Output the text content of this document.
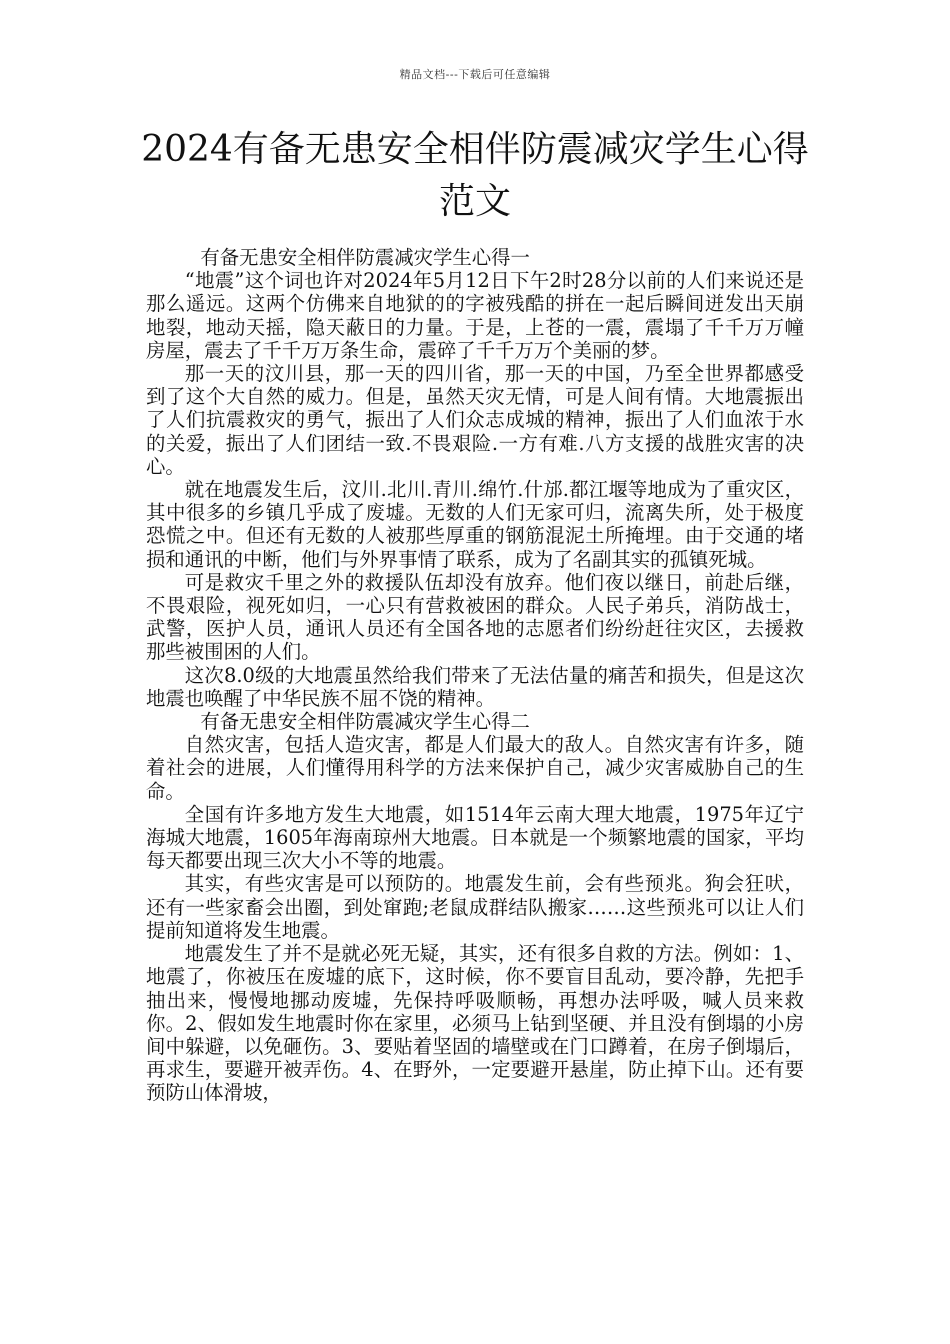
精品文档---下载后可任意编辑
2024有备无患安全相伴防震减灾学生心得
范文

有备无患安全相伴防震减灾学生心得一

“地震”这个词也许对2024年5月12日下午2时28分以前的人们来说还是那么遥远。这两个仿佛来自地狱的的字被残酷的拼在一起后瞬间迸发出天崩地裂，地动天摇，隐天蔽日的力量。于是，上苍的一震，震塌了千千万万幢房屋，震去了千千万万条生命，震碎了千千万万个美丽的梦。

那一天的汶川县，那一天的四川省，那一天的中国，乃至全世界都感受到了这个大自然的威力。但是，虽然天灾无情，可是人间有情。大地震振出了人们抗震救灾的勇气，振出了人们众志成城的精神，振出了人们血浓于水的关爱，振出了人们团结一致.不畏艰险.一方有难.八方支援的战胜灾害的决心。

就在地震发生后，汶川.北川.青川.绵竹.什邡.都江堰等地成为了重灾区，其中很多的乡镇几乎成了废墟。无数的人们无家可归，流离失所，处于极度恐慌之中。但还有无数的人被那些厚重的钢筋混泥土所掩埋。由于交通的堵损和通讯的中断，他们与外界事情了联系，成为了名副其实的孤镇死城。

可是救灾千里之外的救援队伍却没有放弃。他们夜以继日，前赴后继，不畏艰险，视死如归，一心只有营救被困的群众。人民子弟兵，消防战士，武警，医护人员，通讯人员还有全国各地的志愿者们纷纷赶往灾区，去援救那些被围困的人们。

这次8.0级的大地震虽然给我们带来了无法估量的痛苦和损失，但是这次地震也唤醒了中华民族不屈不饶的精神。

有备无患安全相伴防震减灾学生心得二

自然灾害，包括人造灾害，都是人们最大的敌人。自然灾害有许多，随着社会的进展，人们懂得用科学的方法来保护自己，减少灾害威胁自己的生命。

全国有许多地方发生大地震，如1514年云南大理大地震，1975年辽宁海城大地震，1605年海南琼州大地震。日本就是一个频繁地震的国家，平均每天都要出现三次大小不等的地震。

其实，有些灾害是可以预防的。地震发生前，会有些预兆。狗会狂吠，还有一些家畜会出圈，到处窜跑;老鼠成群结队搬家……这些预兆可以让人们提前知道将发生地震。

地震发生了并不是就必死无疑，其实，还有很多自救的方法。例如：1、地震了，你被压在废墟的底下，这时候，你不要盲目乱动，要冷静，先把手抽出来，慢慢地挪动废墟，先保持呼吸顺畅，再想办法呼吸，喊人员来救你。2、假如发生地震时你在家里，必须马上钻到坚硬、并且没有倒塌的小房间中躲避，以免砸伤。3、要贴着坚固的墙壁或在门口蹲着，在房子倒塌后，再求生，要避开被弄伤。4、在野外，一定要避开悬崖，防止掉下山。还有要预防山体滑坡，
